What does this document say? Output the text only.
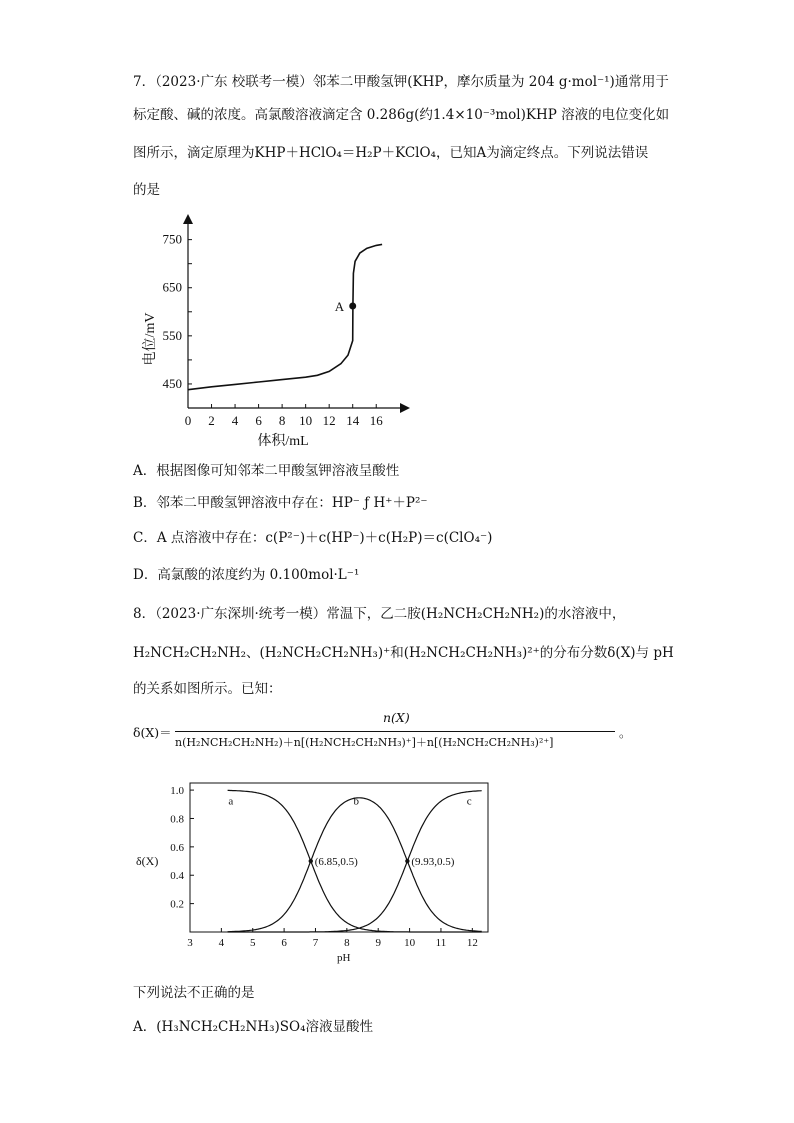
7．（2023·广东 校联考一模）邻苯二甲酸氢钾(KHP，摩尔质量为 204 g·mol⁻¹)通常用于
标定酸、碱的浓度。高氯酸溶液滴定含 0.286g(约1.4×10⁻³mol)KHP 溶液的电位变化如
图所示，滴定原理为KHP＋HClO₄＝H₂P＋KClO₄，已知A为滴定终点。下列说法错误
的是
0 2 4 6 8 10 12 14 16
450
550
650
750
A
电位/mV
体积/mL
A．根据图像可知邻苯二甲酸氢钾溶液呈酸性
B．邻苯二甲酸氢钾溶液中存在：HP⁻ ƒ H⁺＋P²⁻
C．A 点溶液中存在：c(P²⁻)＋c(HP⁻)＋c(H₂P)＝c(ClO₄⁻)
D．高氯酸的浓度约为 0.100mol·L⁻¹
8．（2023·广东深圳·统考一模）常温下，乙二胺(H₂NCH₂CH₂NH₂)的水溶液中，
H₂NCH₂CH₂NH₂、(H₂NCH₂CH₂NH₃)⁺和(H₂NCH₂CH₂NH₃)²⁺的分布分数δ(X)与 pH
的关系如图所示。已知：
δ(X)＝
n(X)
n(H₂NCH₂CH₂NH₂)＋n[(H₂NCH₂CH₂NH₃)⁺]＋n[(H₂NCH₂CH₂NH₃)²⁺]
。
3 4 5 6 7 8 9 10 11 12
0.2
0.4
0.6
0.8
1.0
(6.85,0.5)	(9.93,0.5)
a	b	c
δ(X)
pH
下列说法不正确的是
A．(H₃NCH₂CH₂NH₃)SO₄溶液显酸性
